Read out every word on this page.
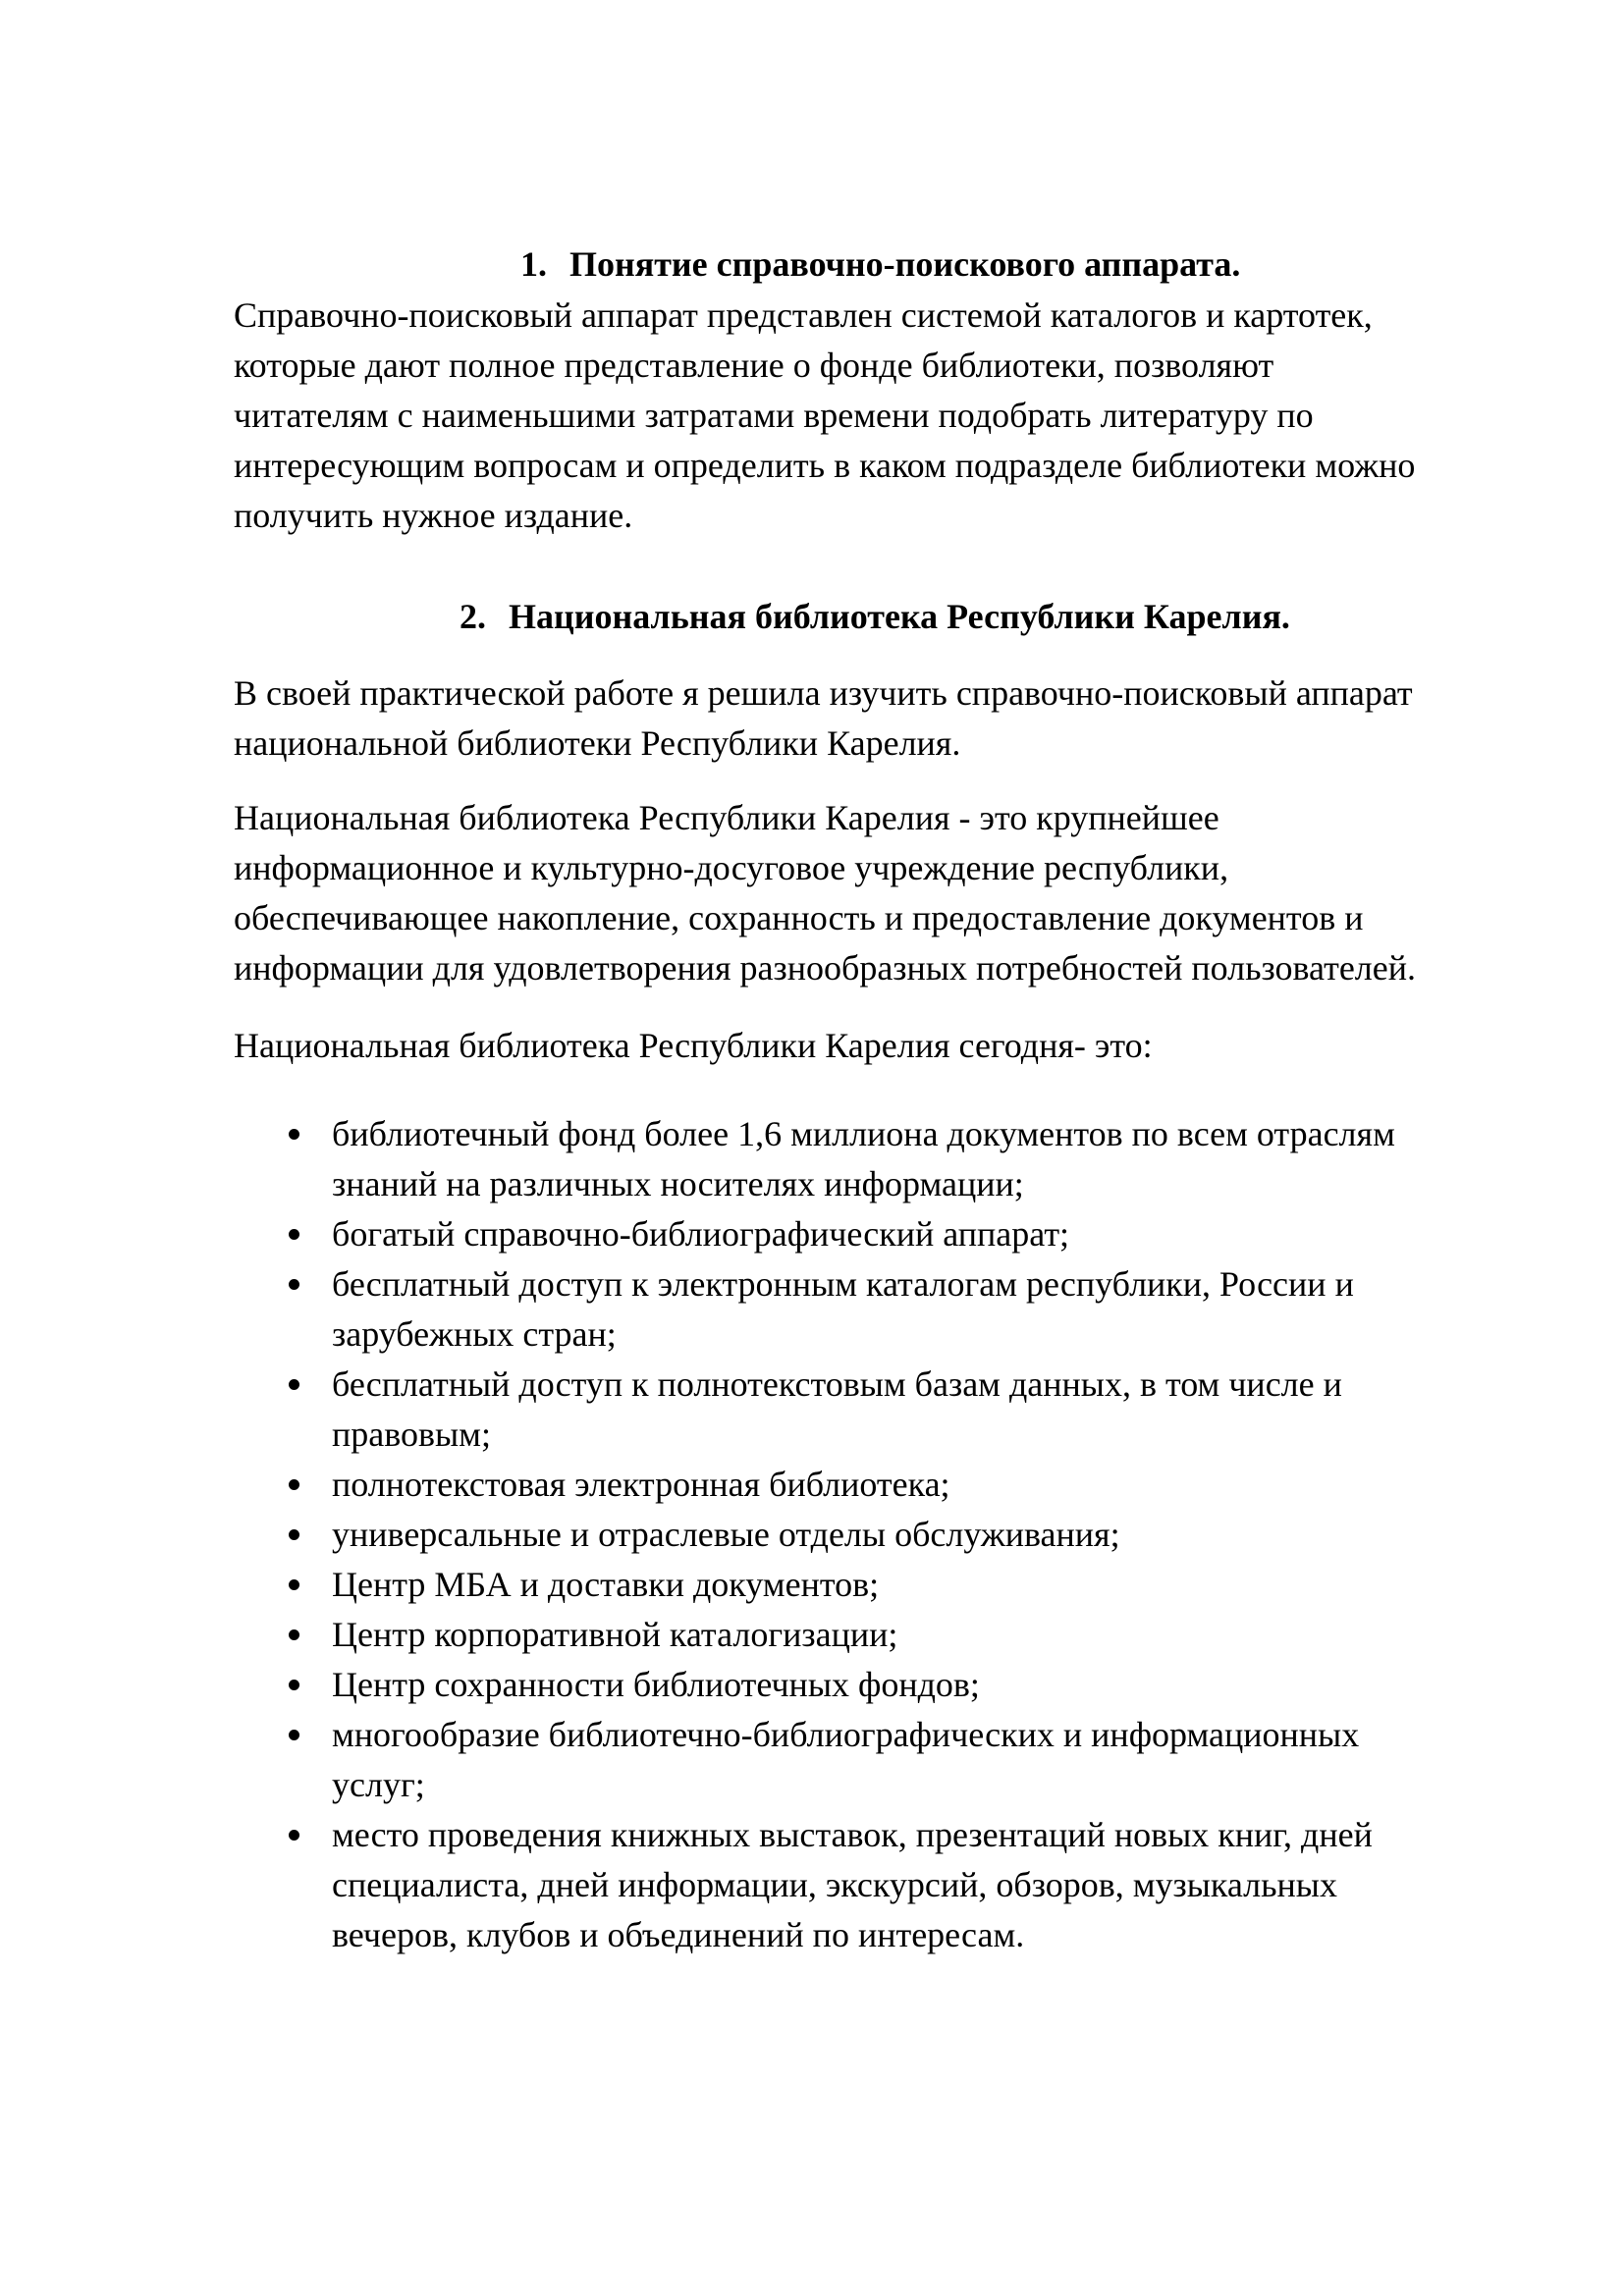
1. Понятие справочно-поискового аппарата.

Справочно-поисковый аппарат представлен системой каталогов и картотек,
которые дают полное представление о фонде библиотеки, позволяют
читателям с наименьшими затратами времени подобрать литературу по
интересующим вопросам и определить в каком подразделе библиотеки можно
получить нужное издание.

2. Национальная библиотека Республики Карелия.

В своей практической работе я решила изучить справочно-поисковый аппарат
национальной библиотеки Республики Карелия.

Национальная библиотека Республики Карелия - это крупнейшее
информационное и культурно-досуговое учреждение республики,
обеспечивающее накопление, сохранность и предоставление документов и
информации для удовлетворения разнообразных потребностей пользователей.

Национальная библиотека Республики Карелия сегодня- это:

библиотечный фонд более 1,6 миллиона документов по всем отраслям
знаний на различных носителях информации;
богатый справочно-библиографический аппарат;
бесплатный доступ к электронным каталогам республики, России и
зарубежных стран;
бесплатный доступ к полнотекстовым базам данных, в том числе и
правовым;
полнотекстовая электронная библиотека;
универсальные и отраслевые отделы обслуживания;
Центр МБА и доставки документов;
Центр корпоративной каталогизации;
Центр сохранности библиотечных фондов;
многообразие библиотечно-библиографических и информационных
услуг;
место проведения книжных выставок, презентаций новых книг, дней
специалиста, дней информации, экскурсий, обзоров, музыкальных
вечеров, клубов и объединений по интересам.
